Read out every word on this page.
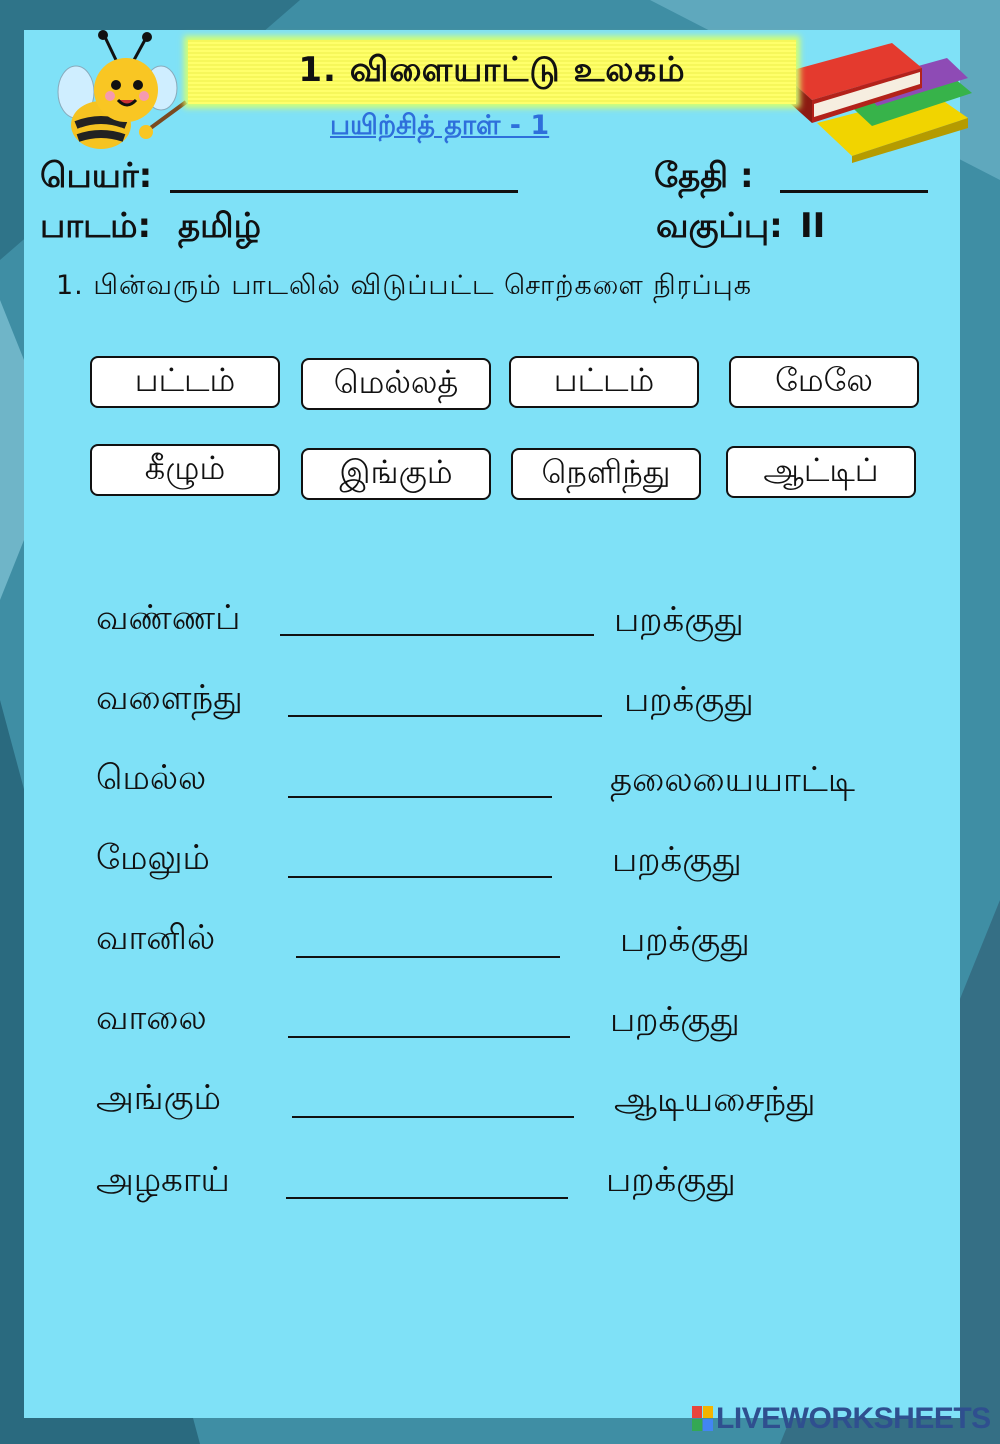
1. விளையாட்டு உலகம்
பயிற்சித் தாள் - 1
பெயர்:	தேதி :
பாடம்: தமிழ்	வகுப்பு: II
1. பின்வரும் பாடலில் விடுப்பட்ட சொற்களை நிரப்புக
பட்டம்	மெல்லத்	பட்டம்	மேலே
கீழும்	இங்கும்	நெளிந்து	ஆட்டிப்
வண்ணப்	பறக்குது
வளைந்து	பறக்குது
மெல்ல	தலையையாட்டி
மேலும்	பறக்குது
வானில்	பறக்குது
வாலை	பறக்குது
அங்கும்	ஆடியசைந்து
அழகாய்	பறக்குது
LIVEWORKSHEETS
